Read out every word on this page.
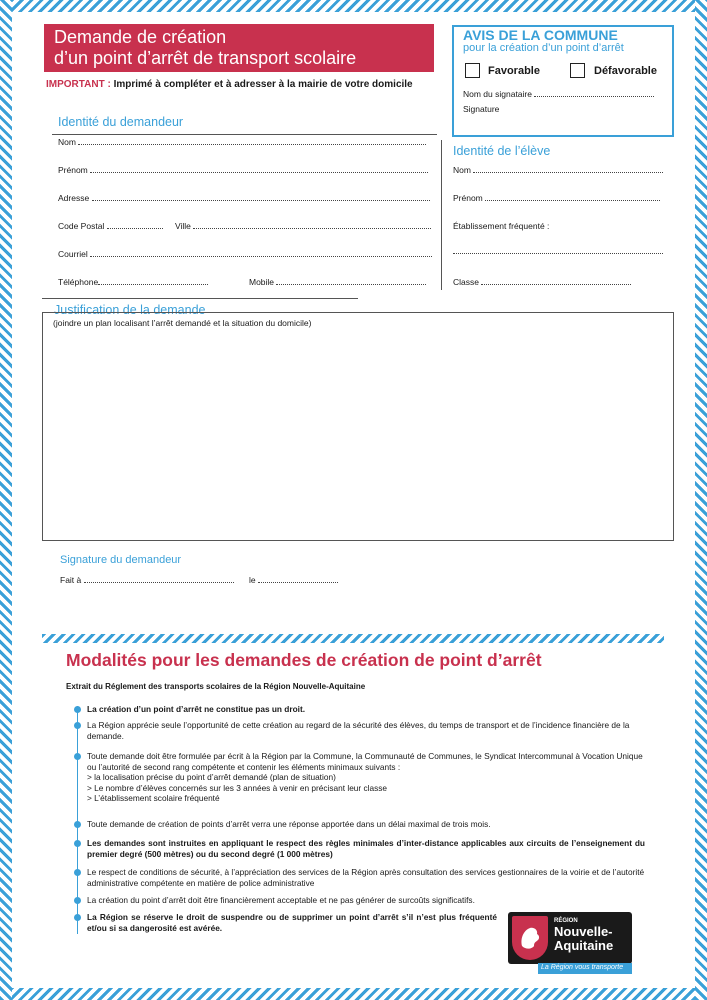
Demande de création
d’un point d’arrêt de transport scolaire
IMPORTANT : Imprimé à compléter et à adresser à la mairie de votre domicile
AVIS DE LA COMMUNE
pour la création d’un point d’arrêt
Favorable	Défavorable
Nom du signataire
Signature
Identité du demandeur
Nom
Prénom
Adresse
Code Postal	Ville
Courriel
Téléphone	Mobile
Identité de l’élève
Nom
Prénom
Établissement fréquenté :
Classe
Justification de la demande
(joindre un plan localisant l’arrêt demandé et la situation du domicile)
Signature du demandeur
Fait à	le
Modalités pour les demandes de création de point d’arrêt
Extrait du Réglement des transports scolaires de la Région Nouvelle-Aquitaine
La création d’un point d’arrêt ne constitue pas un droit.
La Région apprécie seule l’opportunité de cette création au regard de la sécurité des élèves, du temps de transport et de l’incidence financière de la demande.
Toute demande doit être formulée par écrit à la Région par la Commune, la Communauté de Communes, le Syndicat Intercommunal à Vocation Unique ou l’autorité de second rang compétente et contenir les éléments minimaux suivants :
> la localisation précise du point d’arrêt demandé (plan de situation)
> Le nombre d’élèves concernés sur les 3 années à venir en précisant leur classe
> L’établissement scolaire fréquenté
Toute demande de création de points d’arrêt verra une réponse apportée dans un délai maximal de trois mois.
Les demandes sont instruites en appliquant le respect des règles minimales d’inter-distance applicables aux circuits de l’enseignement du premier degré (500 mètres) ou du second degré (1 000 mètres)
Le respect de conditions de sécurité, à l’appréciation des services de la Région après consultation des services gestionnaires de la voirie et de l’autorité administrative compétente en matière de police administrative
La création du point d’arrêt doit être financièrement acceptable et ne pas générer de surcoûts significatifs.
La Région se réserve le droit de suspendre ou de supprimer un point d’arrêt s’il n’est plus fréquenté et/ou si sa dangerosité est avérée.
RÉGION
Nouvelle-
Aquitaine
La Région vous transporte
